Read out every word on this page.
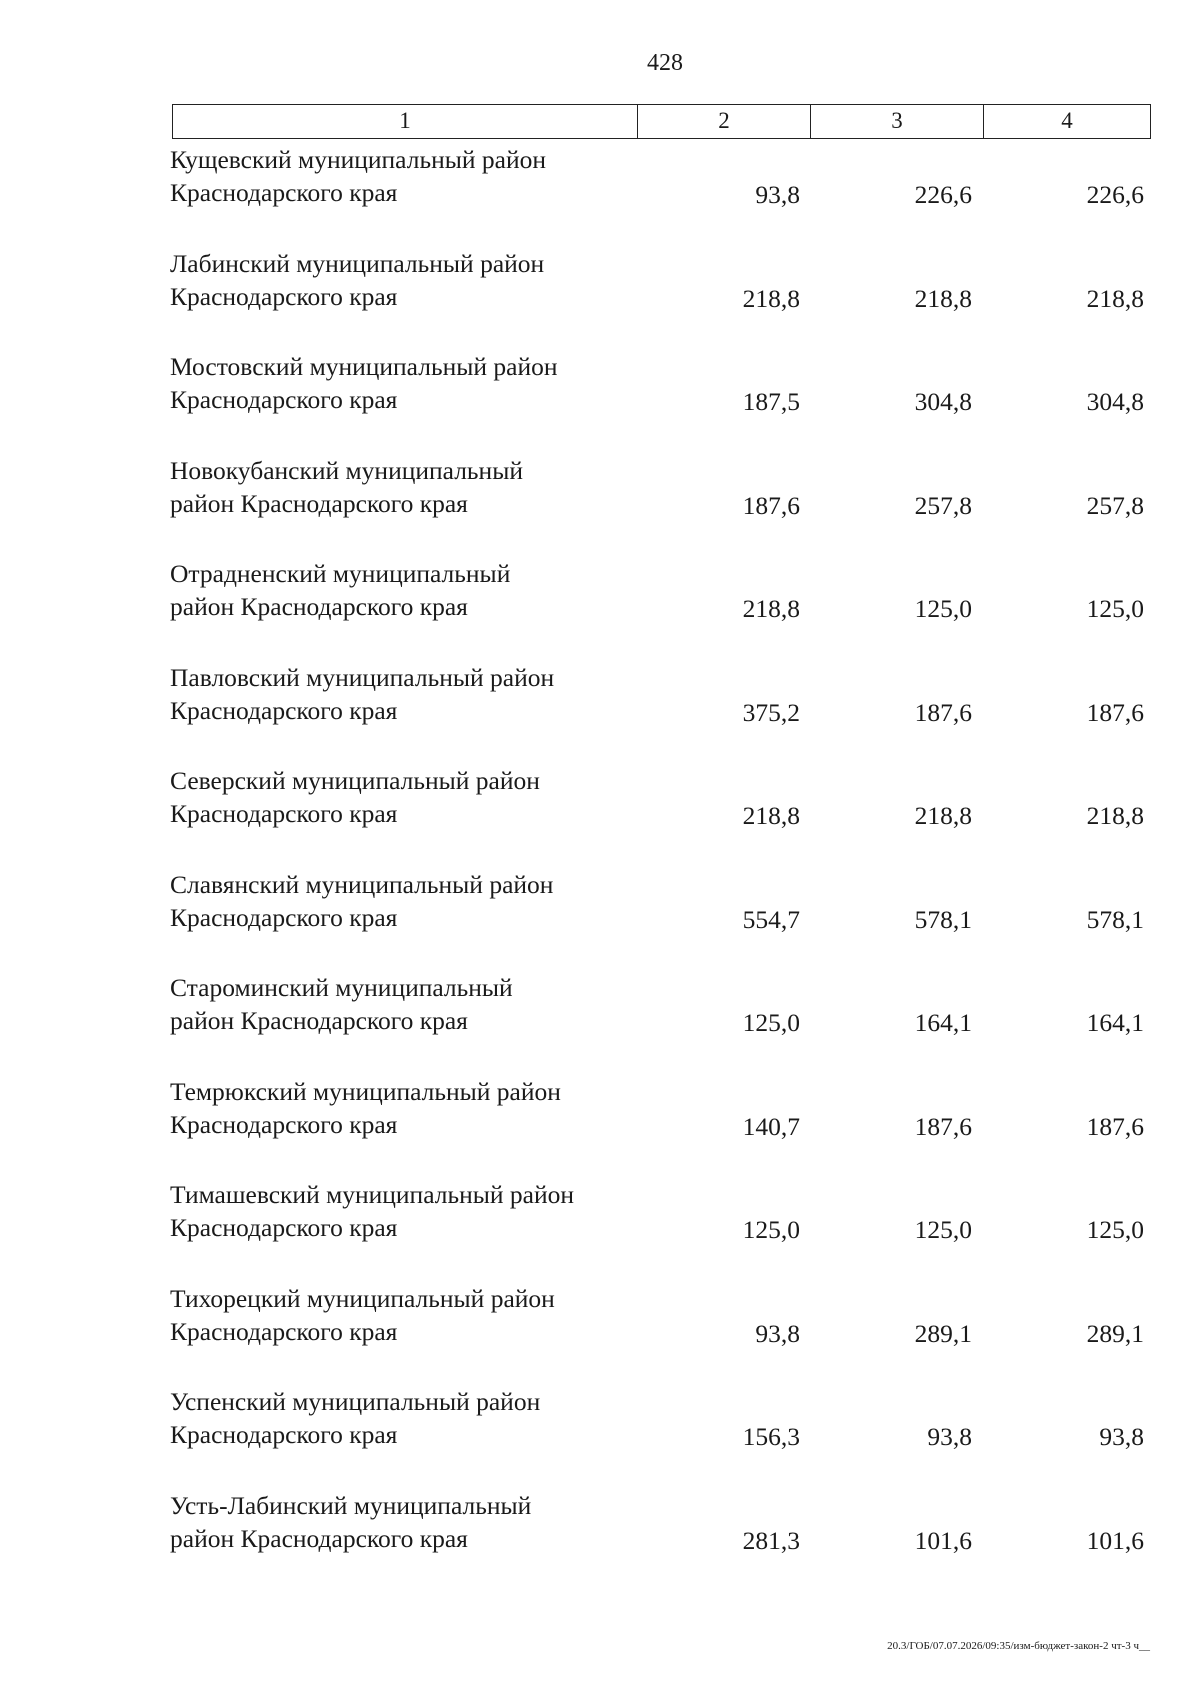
428
1	2	3	4
Кущевский муниципальный район
Краснодарского края	93,8	226,6	226,6
Лабинский муниципальный район
Краснодарского края	218,8	218,8	218,8
Мостовский муниципальный район
Краснодарского края	187,5	304,8	304,8
Новокубанский муниципальный
район Краснодарского края	187,6	257,8	257,8
Отрадненский муниципальный
район Краснодарского края	218,8	125,0	125,0
Павловский муниципальный район
Краснодарского края	375,2	187,6	187,6
Северский муниципальный район
Краснодарского края	218,8	218,8	218,8
Славянский муниципальный район
Краснодарского края	554,7	578,1	578,1
Староминский муниципальный
район Краснодарского края	125,0	164,1	164,1
Темрюкский муниципальный район
Краснодарского края	140,7	187,6	187,6
Тимашевский муниципальный район
Краснодарского края	125,0	125,0	125,0
Тихорецкий муниципальный район
Краснодарского края	93,8	289,1	289,1
Успенский муниципальный район
Краснодарского края	156,3	93,8	93,8
Усть-Лабинский муниципальный
район Краснодарского края	281,3	101,6	101,6
20.3/ГОБ/07.07.2026/09:35/изм-бюджет-закон-2 чт-3 ч__
